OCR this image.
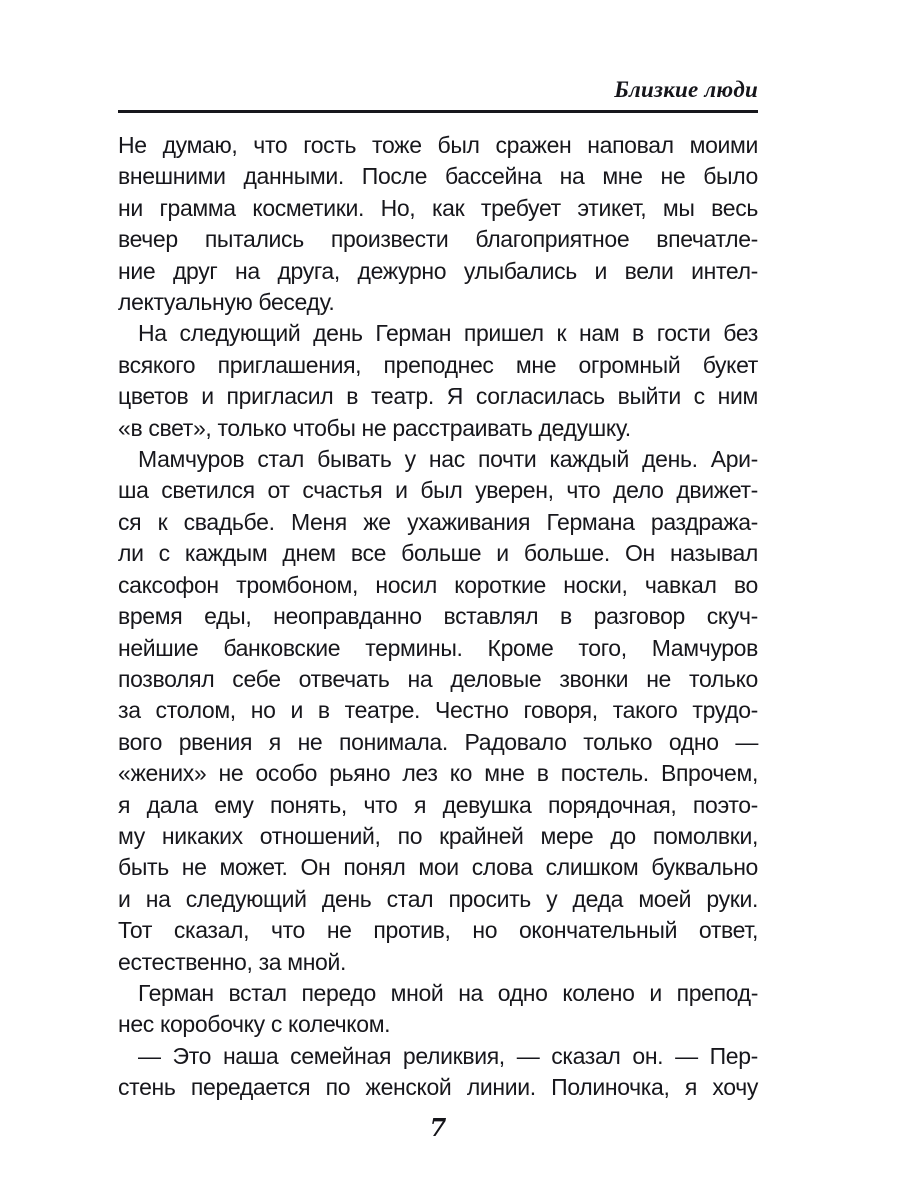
Близкие люди
Не думаю, что гость тоже был сражен наповал моими
внешними данными. После бассейна на мне не было
ни грамма косметики. Но, как требует этикет, мы весь
вечер пытались произвести благоприятное впечатле-
ние друг на друга, дежурно улыбались и вели интел-
лектуальную беседу.
На следующий день Герман пришел к нам в гости без
всякого приглашения, преподнес мне огромный букет
цветов и пригласил в театр. Я согласилась выйти с ним
«в свет», только чтобы не расстраивать дедушку.
Мамчуров стал бывать у нас почти каждый день. Ари-
ша светился от счастья и был уверен, что дело движет-
ся к свадьбе. Меня же ухаживания Германа раздража-
ли с каждым днем все больше и больше. Он называл
саксофон тромбоном, носил короткие носки, чавкал во
время еды, неоправданно вставлял в разговор скуч-
нейшие банковские термины. Кроме того, Мамчуров
позволял себе отвечать на деловые звонки не только
за столом, но и в театре. Честно говоря, такого трудо-
вого рвения я не понимала. Радовало только одно —
«жених» не особо рьяно лез ко мне в постель. Впрочем,
я дала ему понять, что я девушка порядочная, поэто-
му никаких отношений, по крайней мере до помолвки,
быть не может. Он понял мои слова слишком буквально
и на следующий день стал просить у деда моей руки.
Тот сказал, что не против, но окончательный ответ,
естественно, за мной.
Герман встал передо мной на одно колено и препод-
нес коробочку с колечком.
— Это наша семейная реликвия, — сказал он. — Пер-
стень передается по женской линии. Полиночка, я хочу
7
